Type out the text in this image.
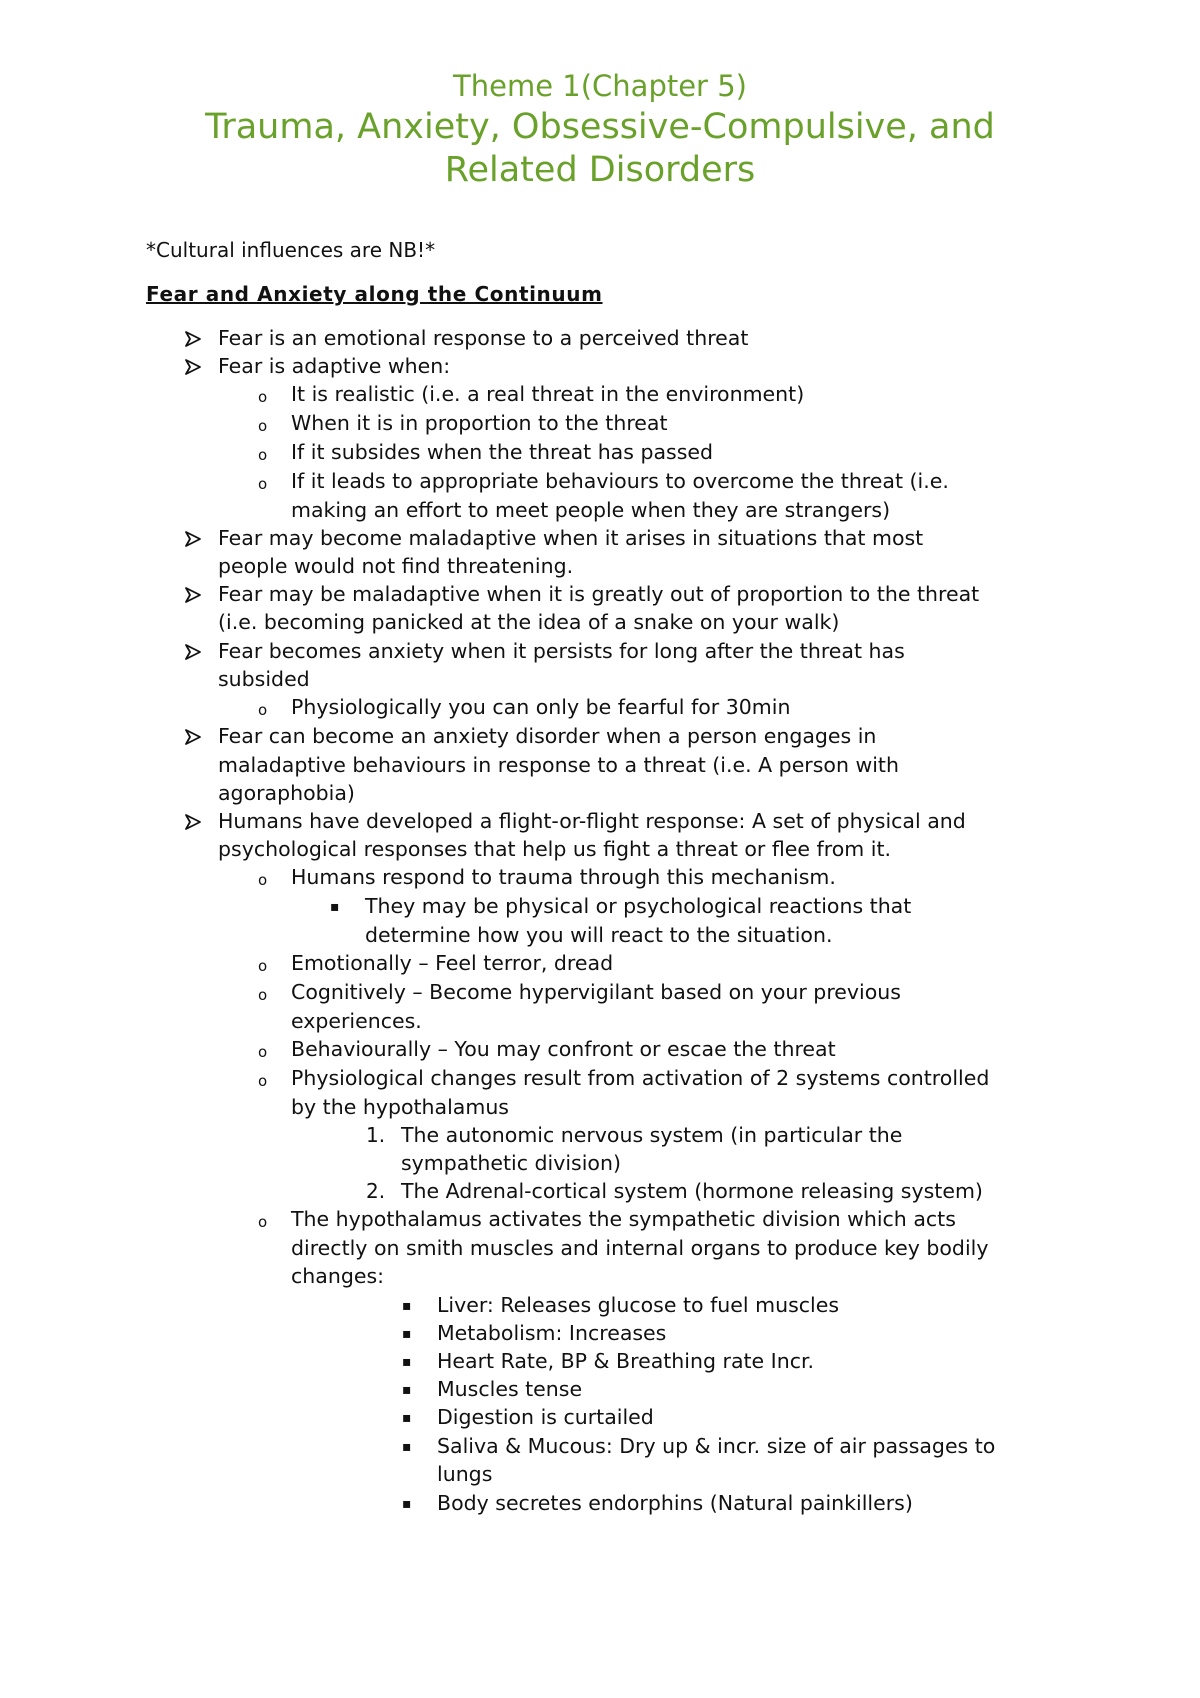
Theme 1(Chapter 5)
Trauma, Anxiety, Obsessive-Compulsive, and
Related Disorders
*Cultural influences are NB!*
Fear and Anxiety along the Continuum
Fear is an emotional response to a perceived threat
Fear is adaptive when:
It is realistic (i.e. a real threat in the environment)
o
When it is in proportion to the threat
o
If it subsides when the threat has passed
o
If it leads to appropriate behaviours to overcome the threat (i.e.
o
making an effort to meet people when they are strangers)
Fear may become maladaptive when it arises in situations that most
people would not find threatening.
Fear may be maladaptive when it is greatly out of proportion to the threat
(i.e. becoming panicked at the idea of a snake on your walk)
Fear becomes anxiety when it persists for long after the threat has
subsided
Physiologically you can only be fearful for 30min
o
Fear can become an anxiety disorder when a person engages in
maladaptive behaviours in response to a threat (i.e. A person with
agoraphobia)
Humans have developed a flight-or-flight response: A set of physical and
psychological responses that help us fight a threat or flee from it.
Humans respond to trauma through this mechanism.
o
They may be physical or psychological reactions that
▪
determine how you will react to the situation.
Emotionally – Feel terror, dread
o
Cognitively – Become hypervigilant based on your previous
o
experiences.
Behaviourally – You may confront or escae the threat
o
Physiological changes result from activation of 2 systems controlled
o
by the hypothalamus
The autonomic nervous system (in particular the
1.
sympathetic division)
The Adrenal-cortical system (hormone releasing system)
2.
The hypothalamus activates the sympathetic division which acts
o
directly on smith muscles and internal organs to produce key bodily
changes:
Liver: Releases glucose to fuel muscles
▪
Metabolism: Increases
▪
Heart Rate, BP & Breathing rate Incr.
▪
Muscles tense
▪
Digestion is curtailed
▪
Saliva & Mucous: Dry up & incr. size of air passages to
▪
lungs
Body secretes endorphins (Natural painkillers)
▪
